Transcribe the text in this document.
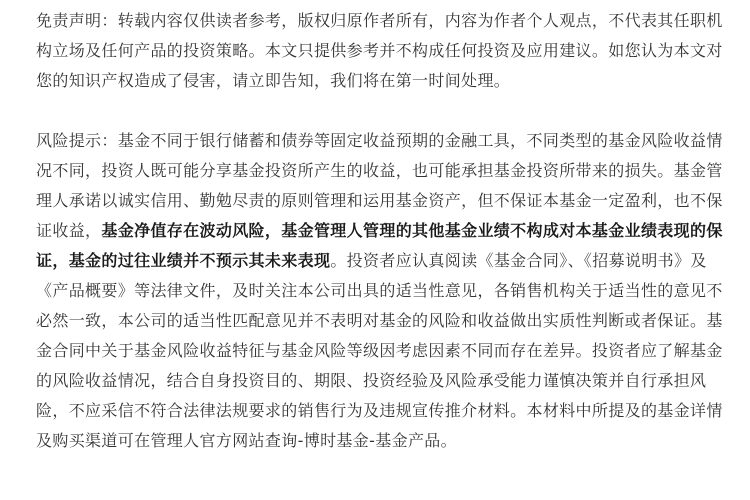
免责声明：转载内容仅供读者参考，版权归原作者所有，内容为作者个人观点，不代表其任职机构立场及任何产品的投资策略。本文只提供参考并不构成任何投资及应用建议。如您认为本文对您的知识产权造成了侵害，请立即告知，我们将在第一时间处理。

风险提示：基金不同于银行储蓄和债券等固定收益预期的金融工具，不同类型的基金风险收益情况不同，投资人既可能分享基金投资所产生的收益，也可能承担基金投资所带来的损失。基金管理人承诺以诚实信用、勤勉尽责的原则管理和运用基金资产，但不保证本基金一定盈利，也不保证收益，基金净值存在波动风险，基金管理人管理的其他基金业绩不构成对本基金业绩表现的保证，基金的过往业绩并不预示其未来表现。投资者应认真阅读《基金合同》、《招募说明书》及《产品概要》等法律文件，及时关注本公司出具的适当性意见，各销售机构关于适当性的意见不必然一致，本公司的适当性匹配意见并不表明对基金的风险和收益做出实质性判断或者保证。基金合同中关于基金风险收益特征与基金风险等级因考虑因素不同而存在差异。投资者应了解基金的风险收益情况，结合自身投资目的、期限、投资经验及风险承受能力谨慎决策并自行承担风险，不应采信不符合法律法规要求的销售行为及违规宣传推介材料。本材料中所提及的基金详情及购买渠道可在管理人官方网站查询-博时基金-基金产品。
